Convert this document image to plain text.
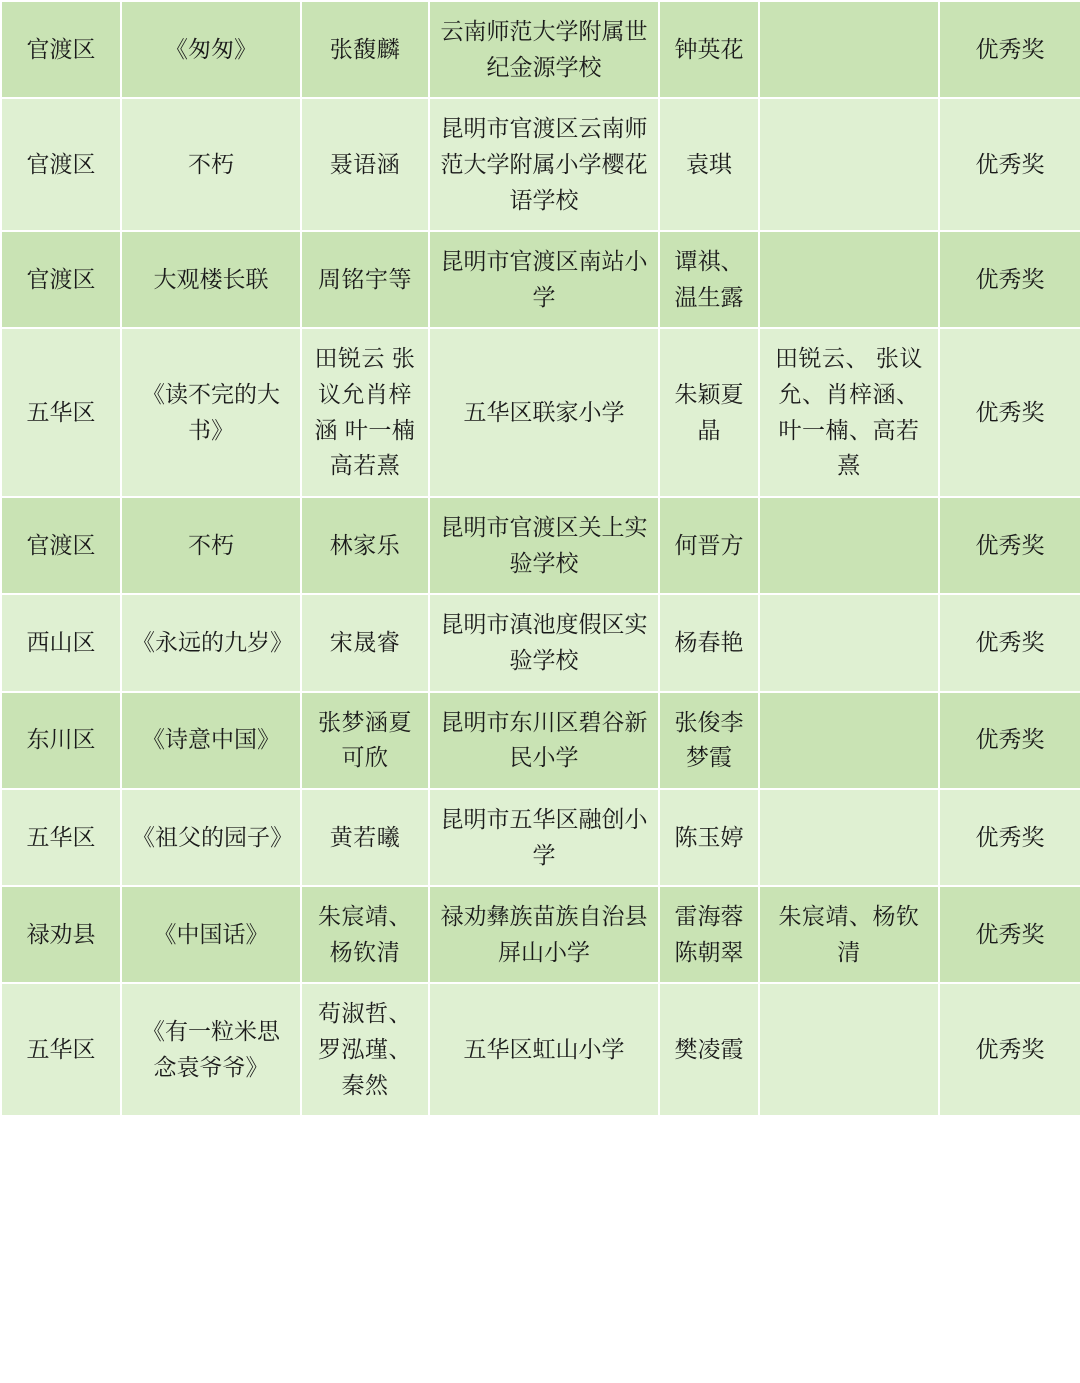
官渡区	《匆匆》	张馥麟	云南师范大学附属世纪金源学校	钟英花		优秀奖
官渡区	不朽	聂语涵	昆明市官渡区云南师范大学附属小学樱花语学校	袁琪		优秀奖
官渡区	大观楼长联	周铭宇等	昆明市官渡区南站小学	谭祺、温生露		优秀奖
五华区	《读不完的大书》	田锐云 张议允肖梓涵 叶一楠 高若熹	五华区联家小学	朱颖夏晶	田锐云、 张议允、肖梓涵、 叶一楠、高若熹	优秀奖
官渡区	不朽	林家乐	昆明市官渡区关上实验学校	何晋方		优秀奖
西山区	《永远的九岁》	宋晟睿	昆明市滇池度假区实验学校	杨春艳		优秀奖
东川区	《诗意中国》	张梦涵夏可欣	昆明市东川区碧谷新民小学	张俊李梦霞		优秀奖
五华区	《祖父的园子》	黄若曦	昆明市五华区融创小学	陈玉婷		优秀奖
禄劝县	《中国话》	朱宸靖、杨钦清	禄劝彝族苗族自治县屏山小学	雷海蓉陈朝翠	朱宸靖、杨钦清	优秀奖
五华区	《有一粒米思念袁爷爷》	苟淑哲、罗泓瑾、秦然	五华区虹山小学	樊凌霞		优秀奖
